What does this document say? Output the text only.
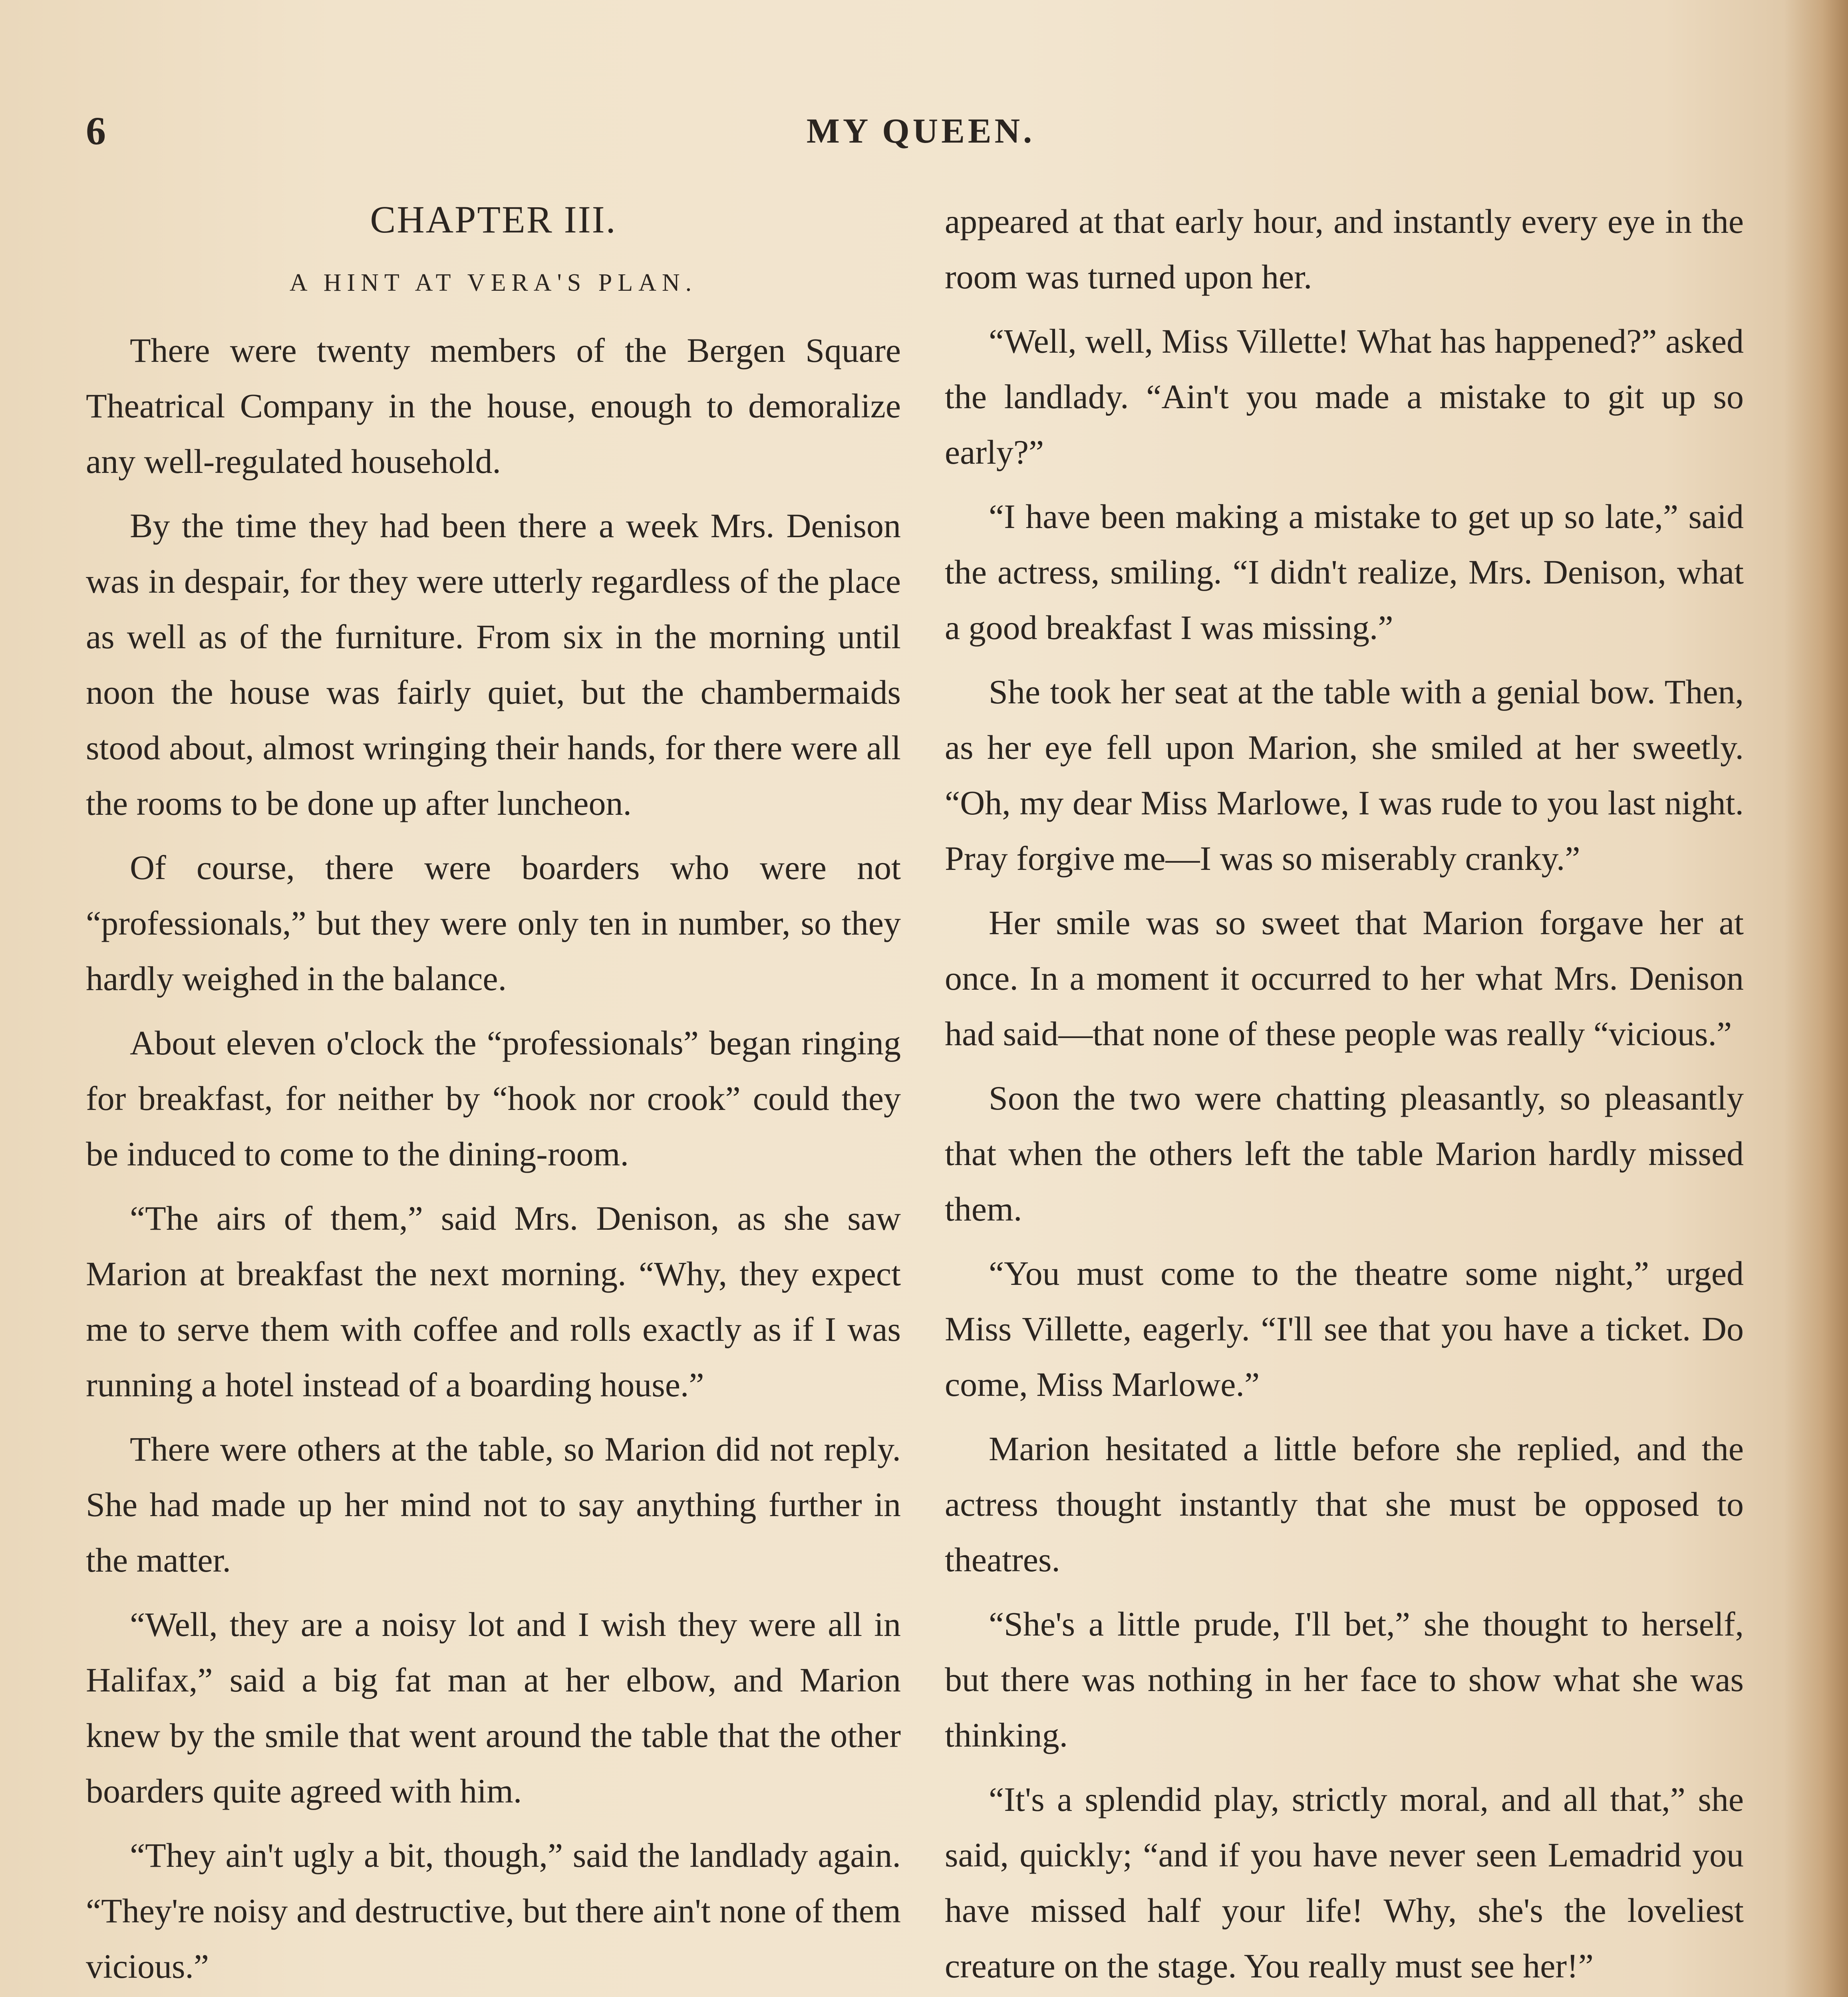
6	MY QUEEN.
CHAPTER III.
A HINT AT VERA'S PLAN.

There were twenty members of the Bergen Square Theatrical Company in the house, enough to demoralize any well-regulated household.

By the time they had been there a week Mrs. Denison was in despair, for they were utterly regardless of the place as well as of the furniture. From six in the morning until noon the house was fairly quiet, but the chambermaids stood about, almost wringing their hands, for there were all the rooms to be done up after luncheon.

Of course, there were boarders who were not “professionals,” but they were only ten in number, so they hardly weighed in the balance.

About eleven o'clock the “professionals” began ringing for breakfast, for neither by “hook nor crook” could they be induced to come to the dining-room.

“The airs of them,” said Mrs. Denison, as she saw Marion at breakfast the next morning. “Why, they expect me to serve them with coffee and rolls exactly as if I was running a hotel instead of a boarding house.”

There were others at the table, so Marion did not reply. She had made up her mind not to say anything further in the matter.

“Well, they are a noisy lot and I wish they were all in Halifax,” said a big fat man at her elbow, and Marion knew by the smile that went around the table that the other boarders quite agreed with him.

“They ain't ugly a bit, though,” said the landlady again. “They're noisy and destructive, but there ain't none of them vicious.”

appeared at that early hour, and instantly every eye in the room was turned upon her.

“Well, well, Miss Villette! What has happened?” asked the landlady. “Ain't you made a mistake to git up so early?”

“I have been making a mistake to get up so late,” said the actress, smiling. “I didn't realize, Mrs. Denison, what a good breakfast I was missing.”

She took her seat at the table with a genial bow. Then, as her eye fell upon Marion, she smiled at her sweetly. “Oh, my dear Miss Marlowe, I was rude to you last night. Pray forgive me—I was so miserably cranky.”

Her smile was so sweet that Marion forgave her at once. In a moment it occurred to her what Mrs. Denison had said—that none of these people was really “vicious.”

Soon the two were chatting pleasantly, so pleasantly that when the others left the table Marion hardly missed them.

“You must come to the theatre some night,” urged Miss Villette, eagerly. “I'll see that you have a ticket. Do come, Miss Marlowe.”

Marion hesitated a little before she replied, and the actress thought instantly that she must be opposed to theatres.

“She's a little prude, I'll bet,” she thought to herself, but there was nothing in her face to show what she was thinking.

“It's a splendid play, strictly moral, and all that,” she said, quickly; “and if you have never seen Lemadrid you have missed half your life! Why, she's the loveliest creature on the stage. You really must see her!”
